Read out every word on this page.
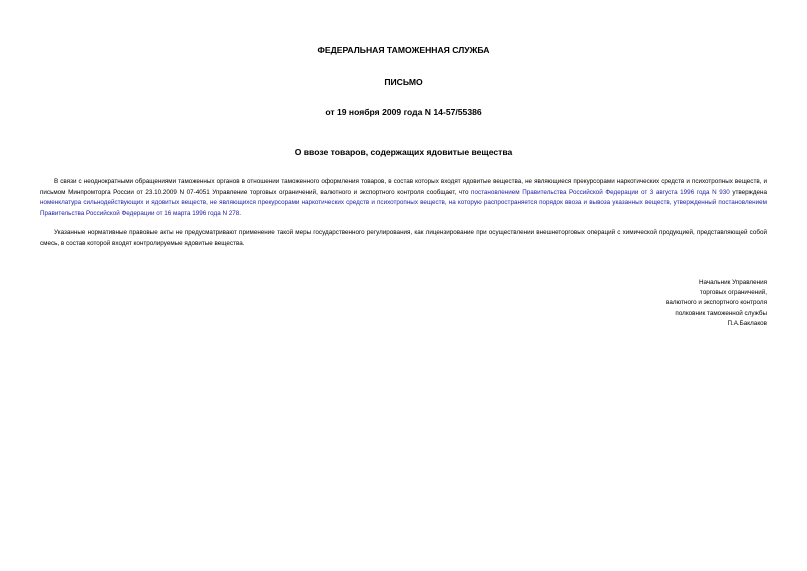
ФЕДЕРАЛЬНАЯ ТАМОЖЕННАЯ СЛУЖБА
ПИСЬМО
от 19 ноября 2009 года N 14-57/55386
О ввозе товаров, содержащих ядовитые вещества
В связи с неоднократными обращениями таможенных органов в отношении таможенного оформления товаров, в состав которых входят ядовитые вещества, не являющиеся прекурсорами наркотических средств и психотропных веществ, и письмом Минпромторга России от 23.10.2009 N 07-4051 Управление торговых ограничений, валютного и экспортного контроля сообщает, что постановлением Правительства Российской Федерации от 3 августа 1996 года N 930 утверждена номенклатура сильнодействующих и ядовитых веществ, не являющихся прекурсорами наркотических средств и психотропных веществ, на которую распространяется порядок ввоза и вывоза указанных веществ, утвержденный постановлением Правительства Российской Федерации от 16 марта 1996 года N 278.
Указанные нормативные правовые акты не предусматривают применение такой меры государственного регулирования, как лицензирование при осуществлении внешнеторговых операций с химической продукцией, представляющей собой смесь, в состав которой входят контролируемые ядовитые вещества.
Начальник Управления
торговых ограничений,
валютного и экспортного контроля
полковник таможенной службы
П.А.Баклаков
